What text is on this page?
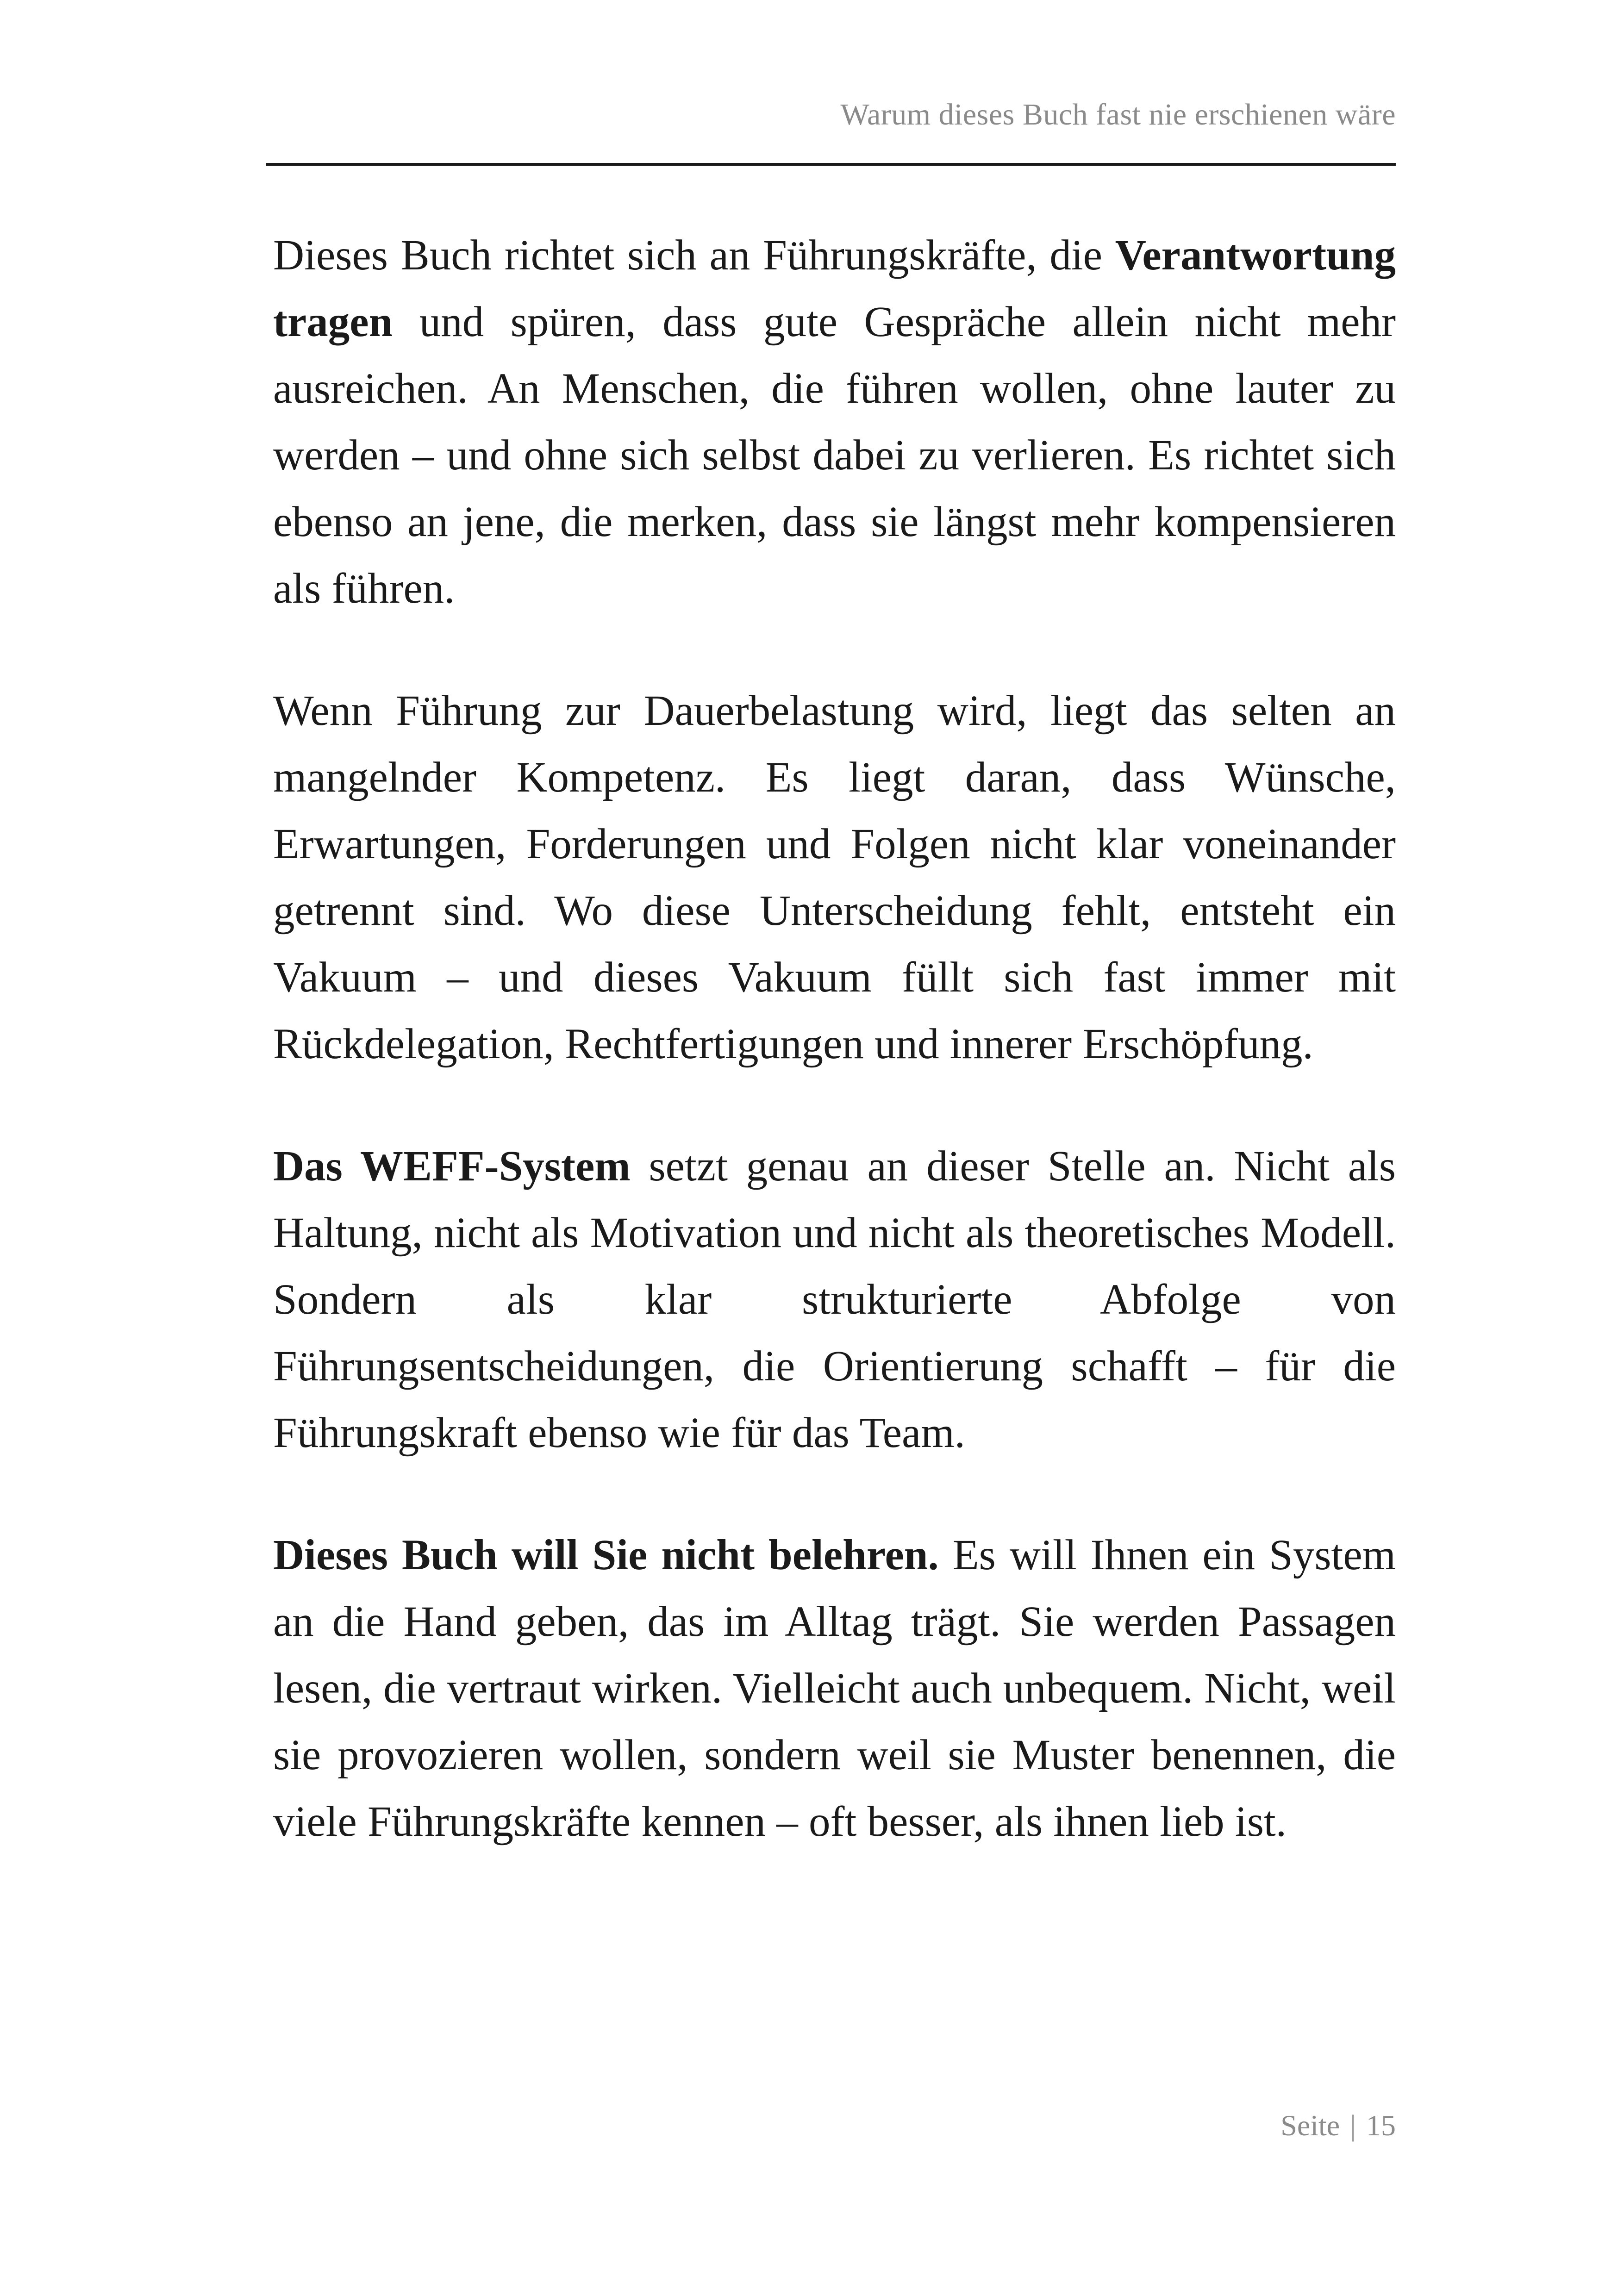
Warum dieses Buch fast nie erschienen wäre

Dieses Buch richtet sich an Führungskräfte, die Verantwortung tragen und spüren, dass gute Gespräche allein nicht mehr ausreichen. An Menschen, die führen wollen, ohne lauter zu werden – und ohne sich selbst dabei zu verlieren. Es richtet sich ebenso an jene, die merken, dass sie längst mehr kompensieren als führen.

Wenn Führung zur Dauerbelastung wird, liegt das selten an mangelnder Kompetenz. Es liegt daran, dass Wünsche, Erwartungen, Forderungen und Folgen nicht klar voneinander getrennt sind. Wo diese Unterscheidung fehlt, entsteht ein Vakuum – und dieses Vakuum füllt sich fast immer mit Rückdelegation, Rechtfertigungen und innerer Erschöpfung.

Das WEFF-System setzt genau an dieser Stelle an. Nicht als Haltung, nicht als Motivation und nicht als theoretisches Modell. Sondern als klar strukturierte Abfolge von Führungsentscheidungen, die Orientierung schafft – für die Führungskraft ebenso wie für das Team.

Dieses Buch will Sie nicht belehren. Es will Ihnen ein System an die Hand geben, das im Alltag trägt. Sie werden Passagen lesen, die vertraut wirken. Vielleicht auch unbequem. Nicht, weil sie provozieren wollen, sondern weil sie Muster benennen, die viele Führungskräfte kennen – oft besser, als ihnen lieb ist.

Seite | 15
